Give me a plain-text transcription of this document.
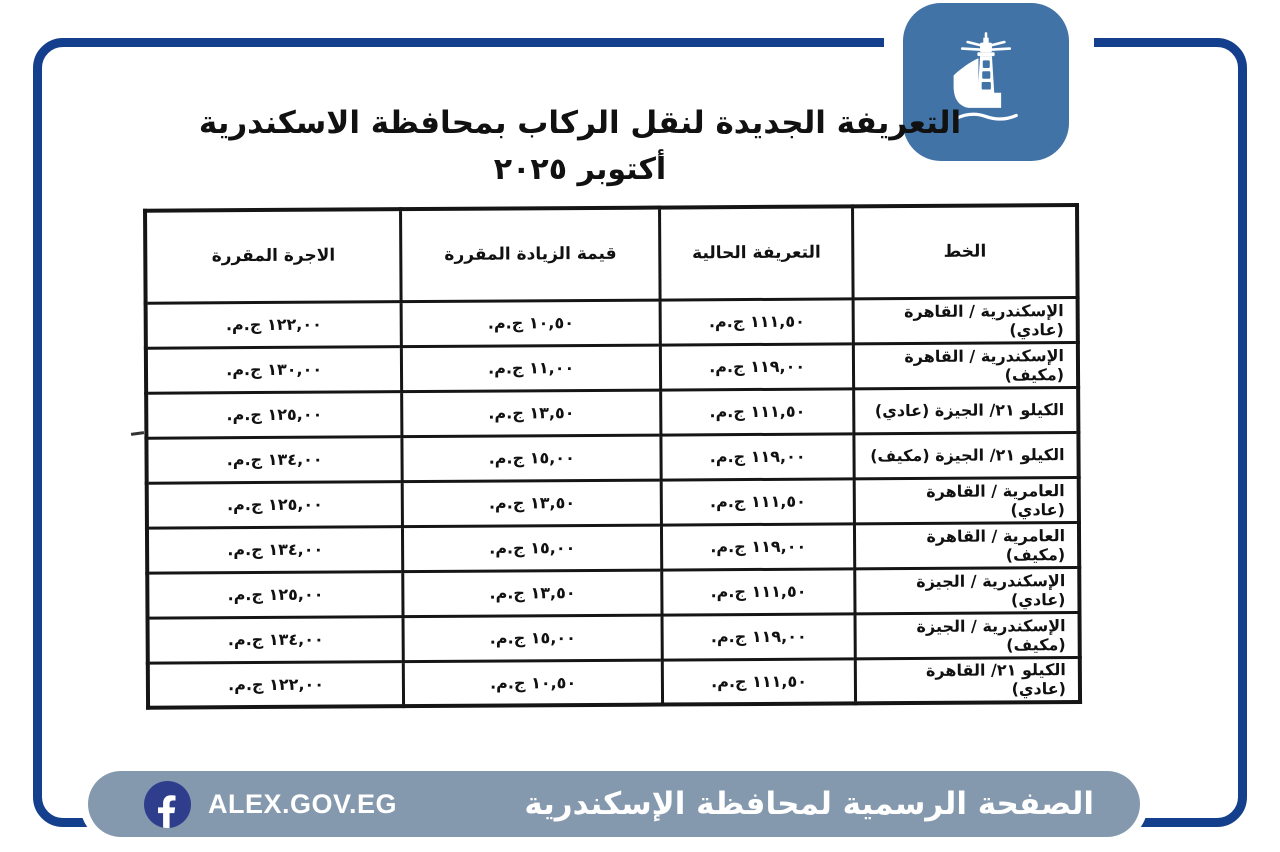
التعريفة الجديدة لنقل الركاب بمحافظة الاسكندرية
أكتوبر ٢٠٢٥
الخط	التعريفة الحالية	قيمة الزيادة المقررة	الاجرة المقررة
الإسكندرية / القاهرة (عادي)	١١١,٥٠ ج.م.	١٠,٥٠ ج.م.	١٢٢,٠٠ ج.م.
الإسكندرية / القاهرة (مكيف)	١١٩,٠٠ ج.م.	١١,٠٠ ج.م.	١٣٠,٠٠ ج.م.
الكيلو ٢١/ الجيزة (عادي)	١١١,٥٠ ج.م.	١٣,٥٠ ج.م.	١٢٥,٠٠ ج.م.
الكيلو ٢١/ الجيزة (مكيف)	١١٩,٠٠ ج.م.	١٥,٠٠ ج.م.	١٣٤,٠٠ ج.م.
العامرية / القاهرة (عادي)	١١١,٥٠ ج.م.	١٣,٥٠ ج.م.	١٢٥,٠٠ ج.م.
العامرية / القاهرة (مكيف)	١١٩,٠٠ ج.م.	١٥,٠٠ ج.م.	١٣٤,٠٠ ج.م.
الإسكندرية / الجيزة (عادي)	١١١,٥٠ ج.م.	١٣,٥٠ ج.م.	١٢٥,٠٠ ج.م.
الإسكندرية / الجيزة (مكيف)	١١٩,٠٠ ج.م.	١٥,٠٠ ج.م.	١٣٤,٠٠ ج.م.
الكيلو ٢١/ القاهرة (عادي)	١١١,٥٠ ج.م.	١٠,٥٠ ج.م.	١٢٢,٠٠ ج.م.
ALEX.GOV.EG	الصفحة الرسمية لمحافظة الإسكندرية
